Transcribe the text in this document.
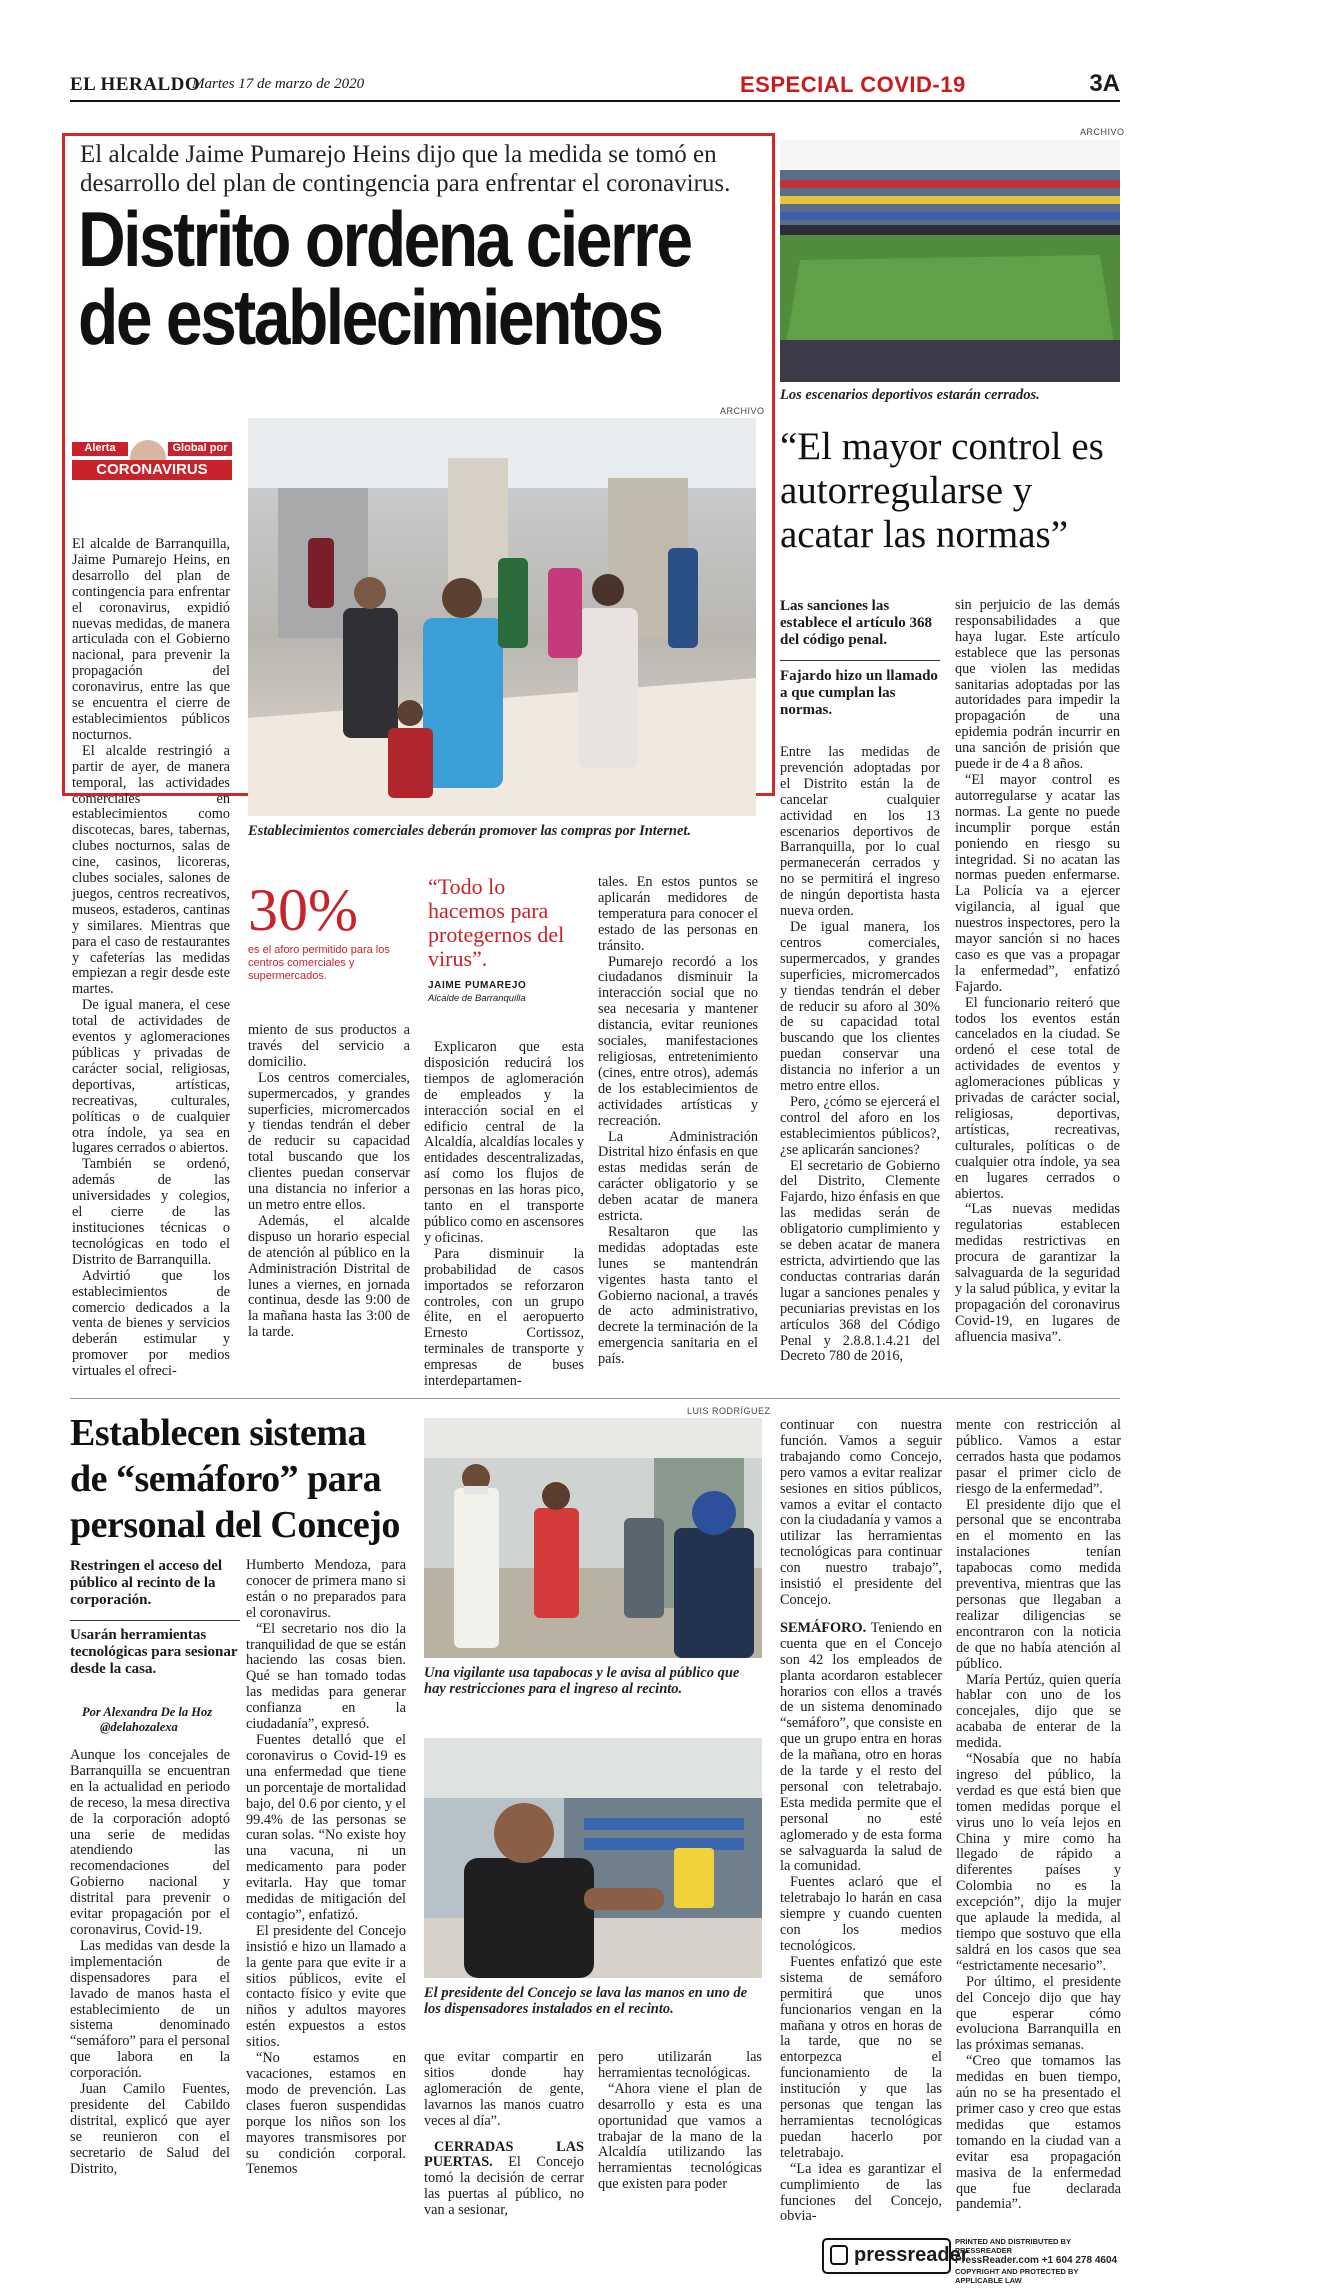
EL HERALDO
Martes 17 de marzo de 2020	ESPECIAL COVID-19	3A
El alcalde Jaime Pumarejo Heins dijo que la medida se tomó en desarrollo del plan de contingencia para enfrentar el coronavirus.
Distrito ordena cierre
de establecimientos
ARCHIVO
Establecimientos comerciales deberán promover las compras por Internet.
Alerta	Global por
CORONAVIRUS

El alcalde de Barranquilla, Jaime Pumarejo Heins, en desarrollo del plan de contingencia para enfrentar el coronavirus, expidió nuevas medidas, de manera articulada con el Gobierno nacional, para prevenir la propagación del coronavirus, entre las que se encuentra el cierre de establecimientos públicos nocturnos.

El alcalde restringió a partir de ayer, de manera temporal, las actividades comerciales en establecimientos como discotecas, bares, tabernas, clubes nocturnos, salas de cine, casinos, licoreras, clubes sociales, salones de juegos, centros recreativos, museos, estaderos, cantinas y similares. Mientras que para el caso de restaurantes y cafeterías las medidas empiezan a regir desde este martes.

De igual manera, el cese total de actividades de eventos y aglomeraciones públicas y privadas de carácter social, religiosas, deportivas, artísticas, recreativas, culturales, políticas o de cualquier otra índole, ya sea en lugares cerrados o abiertos.

También se ordenó, además de las universidades y colegios, el cierre de las instituciones técnicas o tecnológicas en todo el Distrito de Barranquilla.

Advirtió que los establecimientos de comercio dedicados a la venta de bienes y servicios deberán estimular y promover por medios virtuales el ofreci-

30%
es el aforo permitido para los centros comerciales y supermercados.
“Todo lo hacemos para protegernos del virus”.
JAIME PUMAREJO
Alcalde de Barranquilla

miento de sus productos a través del servicio a domicilio.

Los centros comerciales, supermercados, y grandes superficies, micromercados y tiendas tendrán el deber de reducir su capacidad total buscando que los clientes puedan conservar una distancia no inferior a un metro entre ellos.

Además, el alcalde dispuso un horario especial de atención al público en la Administración Distrital de lunes a viernes, en jornada continua, desde las 9:00 de la mañana hasta las 3:00 de la tarde.

Explicaron que esta disposición reducirá los tiempos de aglomeración de empleados y la interacción social en el edificio central de la Alcaldía, alcaldías locales y entidades descentralizadas, así como los flujos de personas en las horas pico, tanto en el transporte público como en ascensores y oficinas.

Para disminuir la probabilidad de casos importados se reforzaron controles, con un grupo élite, en el aeropuerto Ernesto Cortissoz, terminales de transporte y empresas de buses interdepartamen-

tales. En estos puntos se aplicarán medidores de temperatura para conocer el estado de las personas en tránsito.

Pumarejo recordó a los ciudadanos disminuir la interacción social que no sea necesaria y mantener distancia, evitar reuniones sociales, manifestaciones religiosas, entretenimiento (cines, entre otros), además de los establecimientos de actividades artísticas y recreación.

La Administración Distrital hizo énfasis en que estas medidas serán de carácter obligatorio y se deben acatar de manera estricta.

Resaltaron que las medidas adoptadas este lunes se mantendrán vigentes hasta tanto el Gobierno nacional, a través de acto administrativo, decrete la terminación de la emergencia sanitaria en el país.

ARCHIVO
Los escenarios deportivos estarán cerrados.
“El mayor control es autorregularse y acatar las normas”
Las sanciones las establece el artículo 368 del código penal.
Fajardo hizo un llamado a que cumplan las normas.

Entre las medidas de prevención adoptadas por el Distrito están la de cancelar cualquier actividad en los 13 escenarios deportivos de Barranquilla, por lo cual permanecerán cerrados y no se permitirá el ingreso de ningún deportista hasta nueva orden.

De igual manera, los centros comerciales, supermercados, y grandes superficies, micromercados y tiendas tendrán el deber de reducir su aforo al 30% de su capacidad total buscando que los clientes puedan conservar una distancia no inferior a un metro entre ellos.

Pero, ¿cómo se ejercerá el control del aforo en los establecimientos públicos?, ¿se aplicarán sanciones?

El secretario de Gobierno del Distrito, Clemente Fajardo, hizo énfasis en que las medidas serán de obligatorio cumplimiento y se deben acatar de manera estricta, advirtiendo que las conductas contrarias darán lugar a sanciones penales y pecuniarias previstas en los artículos 368 del Código Penal y 2.8.8.1.4.21 del Decreto 780 de 2016,

sin perjuicio de las demás responsabilidades a que haya lugar. Este artículo establece que las personas que violen las medidas sanitarias adoptadas por las autoridades para impedir la propagación de una epidemia podrán incurrir en una sanción de prisión que puede ir de 4 a 8 años.

“El mayor control es autorregularse y acatar las normas. La gente no puede incumplir porque están poniendo en riesgo su integridad. Si no acatan las normas pueden enfermarse. La Policía va a ejercer vigilancia, al igual que nuestros inspectores, pero la mayor sanción si no haces caso es que vas a propagar la enfermedad”, enfatizó Fajardo.

El funcionario reiteró que todos los eventos están cancelados en la ciudad. Se ordenó el cese total de actividades de eventos y aglomeraciones públicas y privadas de carácter social, religiosas, deportivas, artísticas, recreativas, culturales, políticas o de cualquier otra índole, ya sea en lugares cerrados o abiertos.

“Las nuevas medidas regulatorias establecen medidas restrictivas en procura de garantizar la salvaguarda de la seguridad y la salud pública, y evitar la propagación del coronavirus Covid-19, en lugares de afluencia masiva”.

Establecen sistema de “semáforo” para personal del Concejo
Restringen el acceso del público al recinto de la corporación.
Usarán herramientas tecnológicas para sesionar desde la casa.
Por Alexandra De la Hoz
@delahozalexa

Aunque los concejales de Barranquilla se encuentran en la actualidad en periodo de receso, la mesa directiva de la corporación adoptó una serie de medidas atendiendo las recomendaciones del Gobierno nacional y distrital para prevenir o evitar propagación por el coronavirus, Covid-19.

Las medidas van desde la implementación de dispensadores para el lavado de manos hasta el establecimiento de un sistema denominado “semáforo” para el personal que labora en la corporación.

Juan Camilo Fuentes, presidente del Cabildo distrital, explicó que ayer se reunieron con el secretario de Salud del Distrito,

Humberto Mendoza, para conocer de primera mano si están o no preparados para el coronavirus.

“El secretario nos dio la tranquilidad de que se están haciendo las cosas bien. Qué se han tomado todas las medidas para generar confianza en la ciudadanía”, expresó.

Fuentes detalló que el coronavirus o Covid-19 es una enfermedad que tiene un porcentaje de mortalidad bajo, del 0.6 por ciento, y el 99.4% de las personas se curan solas. “No existe hoy una vacuna, ni un medicamento para poder evitarla. Hay que tomar medidas de mitigación del contagio”, enfatizó.

El presidente del Concejo insistió e hizo un llamado a la gente para que evite ir a sitios públicos, evite el contacto físico y evite que niños y adultos mayores estén expuestos a estos sitios.

“No estamos en vacaciones, estamos en modo de prevención. Las clases fueron suspendidas porque los niños son los mayores transmisores por su condición corporal. Tenemos

LUIS RODRÍGUEZ
Una vigilante usa tapabocas y le avisa al público que hay restricciones para el ingreso al recinto.
El presidente del Concejo se lava las manos en uno de los dispensadores instalados en el recinto.

que evitar compartir en sitios donde hay aglomeración de gente, lavarnos las manos cuatro veces al día”.

CERRADAS LAS PUERTAS. El Concejo tomó la decisión de cerrar las puertas al público, no van a sesionar,

pero utilizarán las herramientas tecnológicas.

“Ahora viene el plan de desarrollo y esta es una oportunidad que vamos a trabajar de la mano de la Alcaldía utilizando las herramientas tecnológicas que existen para poder

continuar con nuestra función. Vamos a seguir trabajando como Concejo, pero vamos a evitar realizar sesiones en sitios públicos, vamos a evitar el contacto con la ciudadanía y vamos a utilizar las herramientas tecnológicas para continuar con nuestro trabajo”, insistió el presidente del Concejo.

SEMÁFORO. Teniendo en cuenta que en el Concejo son 42 los empleados de planta acordaron establecer horarios con ellos a través de un sistema denominado “semáforo”, que consiste en que un grupo entra en horas de la mañana, otro en horas de la tarde y el resto del personal con teletrabajo. Esta medida permite que el personal no esté aglomerado y de esta forma se salvaguarda la salud de la comunidad.

Fuentes aclaró que el teletrabajo lo harán en casa siempre y cuando cuenten con los medios tecnológicos.

Fuentes enfatizó que este sistema de semáforo permitirá que unos funcionarios vengan en la mañana y otros en horas de la tarde, que no se entorpezca el funcionamiento de la institución y que las personas que tengan las herramientas tecnológicas puedan hacerlo por teletrabajo.

“La idea es garantizar el cumplimiento de las funciones del Concejo, obvia-

mente con restricción al público. Vamos a estar cerrados hasta que podamos pasar el primer ciclo de riesgo de la enfermedad”.

El presidente dijo que el personal que se encontraba en el momento en las instalaciones tenían tapabocas como medida preventiva, mientras que las personas que llegaban a realizar diligencias se encontraron con la noticia de que no había atención al público.

María Pertúz, quien quería hablar con uno de los concejales, dijo que se acababa de enterar de la medida.

“Nosabía que no había ingreso del público, la verdad es que está bien que tomen medidas porque el virus uno lo veía lejos en China y mire como ha llegado de rápido a diferentes países y Colombia no es la excepción”, dijo la mujer que aplaude la medida, al tiempo que sostuvo que ella saldrá en los casos que sea “estrictamente necesario”.

Por último, el presidente del Concejo dijo que hay que esperar cómo evoluciona Barranquilla en las próximas semanas.

“Creo que tomamos las medidas en buen tiempo, aún no se ha presentado el primer caso y creo que estas medidas que estamos tomando en la ciudad van a evitar esa propagación masiva de la enfermedad que fue declarada pandemia”.

pressreader
PRINTED AND DISTRIBUTED BY PRESSREADER
PressReader.com +1 604 278 4604
COPYRIGHT AND PROTECTED BY APPLICABLE LAW
